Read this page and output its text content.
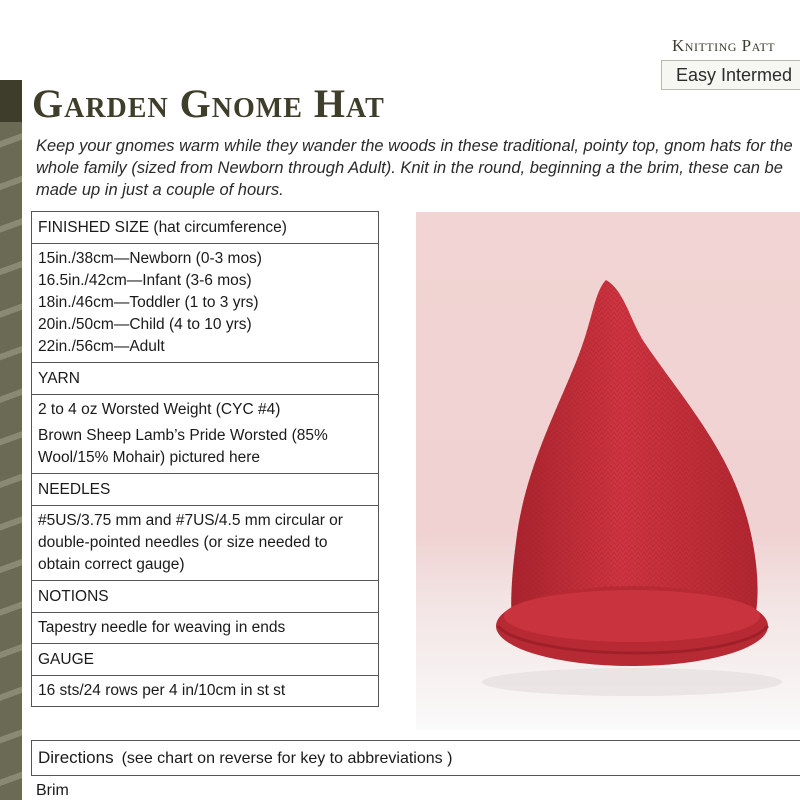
Knitting Patt
Easy Intermed
Garden Gnome Hat
Keep your gnomes warm while they wander the woods in these traditional, pointy top, gnom hats for the whole family (sized from Newborn through Adult). Knit in the round, beginning a the brim, these can be made up in just a couple of hours.
FINISHED SIZE (hat circumference)

15in./38cm—Newborn (0-3 mos)
16.5in./42cm—Infant (3-6 mos)
18in./46cm—Toddler (1 to 3 yrs)
20in./50cm—Child (4 to 10 yrs)
22in./56cm—Adult

YARN

2 to 4 oz Worsted Weight (CYC #4)

Brown Sheep Lamb’s Pride Worsted (85% Wool/15% Mohair) pictured here

NEEDLES
#5US/3.75 mm and #7US/4.5 mm circular or double-pointed needles (or size needed to obtain correct gauge)
NOTIONS
Tapestry needle for weaving in ends
GAUGE
16 sts/24 rows per 4 in/10cm in st st
Directions (see chart on reverse for key to abbreviations )
Brim
